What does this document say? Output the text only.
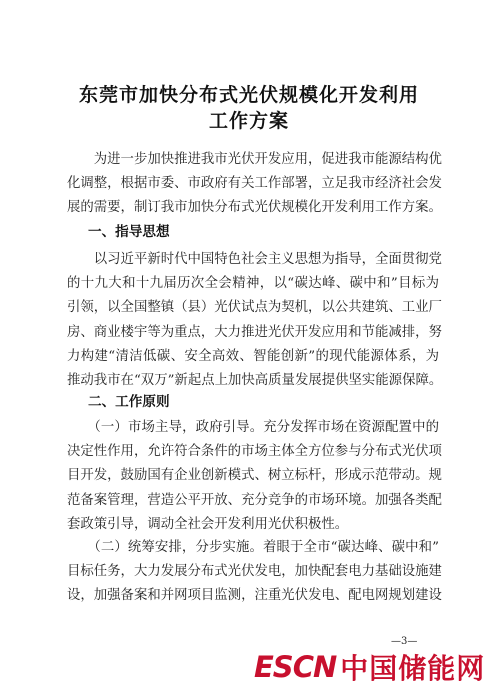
东莞市加快分布式光伏规模化开发利用
工作方案
　　为进一步加快推进我市光伏开发应用，促进我市能源结构优
化调整，根据市委、市政府有关工作部署，立足我市经济社会发
展的需要，制订我市加快分布式光伏规模化开发利用工作方案。
一、指导思想
　　以习近平新时代中国特色社会主义思想为指导，全面贯彻党
的十九大和十九届历次全会精神，以“碳达峰、碳中和”目标为
引领，以全国整镇（县）光伏试点为契机，以公共建筑、工业厂
房、商业楼宇等为重点，大力推进光伏开发应用和节能减排，努
力构建“清洁低碳、安全高效、智能创新”的现代能源体系，为
推动我市在“双万”新起点上加快高质量发展提供坚实能源保障。
二、工作原则
　　（一）市场主导，政府引导。充分发挥市场在资源配置中的
决定性作用，允许符合条件的市场主体全方位参与分布式光伏项
目开发，鼓励国有企业创新模式、树立标杆，形成示范带动。规
范备案管理，营造公平开放、充分竞争的市场环境。加强各类配
套政策引导，调动全社会开发利用光伏积极性。
　　（二）统筹安排，分步实施。着眼于全市“碳达峰、碳中和”
目标任务，大力发展分布式光伏发电，加快配套电力基础设施建
设，加强备案和并网项目监测，注重光伏发电、配电网规划建设
—3—
ESCN 中国储能网
